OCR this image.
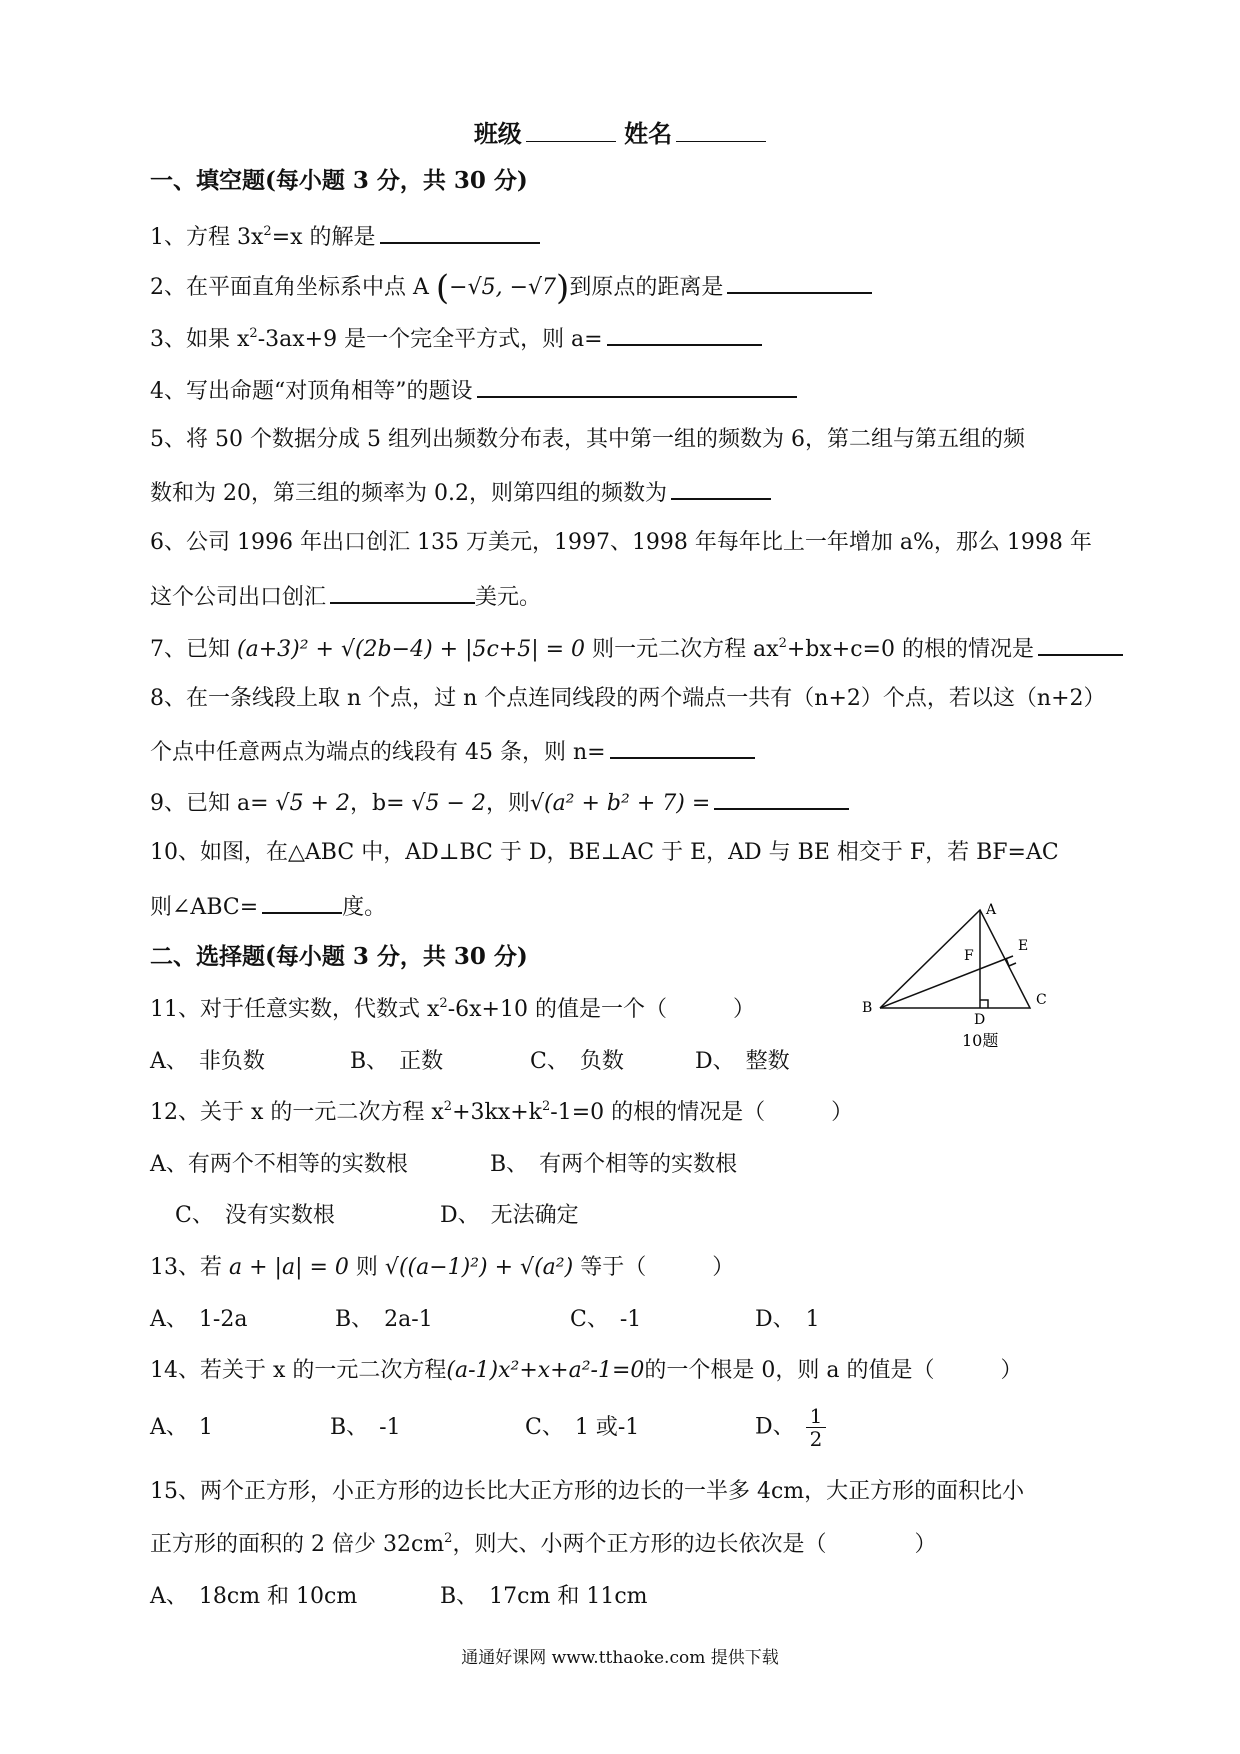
班级	姓名
一、填空题(每小题 3 分，共 30 分)
1、方程 $3x^2=x$ 的解是
2、在平面直角坐标系中点 A (−√5, −√7)到原点的距离是
3、如果 $x^2-3ax+9$ 是一个完全平方式，则 a=
4、写出命题“对顶角相等”的题设
5、将 50 个数据分成 5 组列出频数分布表，其中第一组的频数为 6，第二组与第五组的频
数和为 20，第三组的频率为 0.2，则第四组的频数为
6、公司 1996 年出口创汇 135 万美元，1997、1998 年每年比上一年增加 a%，那么 1998 年
这个公司出口创汇	美元。
7、已知 (a+3)² + √(2b−4) + |5c+5| = 0 则一元二次方程 $ax^2+bx+c=0$ 的根的情况是
8、在一条线段上取 n 个点，过 n 个点连同线段的两个端点一共有（n+2）个点，若以这（n+2）
个点中任意两点为端点的线段有 45 条，则 n=
9、已知 a= √5 + 2，b= √5 − 2，则√(a² + b² + 7) =
10、如图，在△ABC 中，AD⊥BC 于 D，BE⊥AC 于 E，AD 与 BE 相交于 F，若 BF=AC
则∠ABC=	度。	A
B	C
D
E
F
10题
二、选择题(每小题 3 分，共 30 分)
11、对于任意实数，代数式 $x^2-6x+10$ 的值是一个（　　　）
A、　非负数	B、　正数	C、　负数	D、　整数
12、关于 x 的一元二次方程 $x^2+3kx+k^2-1=0$ 的根的情况是（　　　）
A、有两个不相等的实数根	B、　有两个相等的实数根
C、　没有实数根	D、　无法确定
13、若 a + |a| = 0 则 √((a−1)²) + √(a²) 等于（　　　）
A、　1-2a	B、　2a-1	C、　-1	D、　1
14、若关于 x 的一元二次方程(a-1)x²+x+a²-1=0的一个根是 0，则 a 的值是（　　　）
A、　1	B、　-1	C、　1 或-1	D、　 $\frac{1}{2}$
15、两个正方形，小正方形的边长比大正方形的边长的一半多 4cm，大正方形的面积比小
正方形的面积的 2 倍少 $32cm^2$，则大、小两个正方形的边长依次是（　　　　）
A、　18cm 和 10cm	B、　17cm 和 11cm
通通好课网 www.tthaoke.com 提供下载
